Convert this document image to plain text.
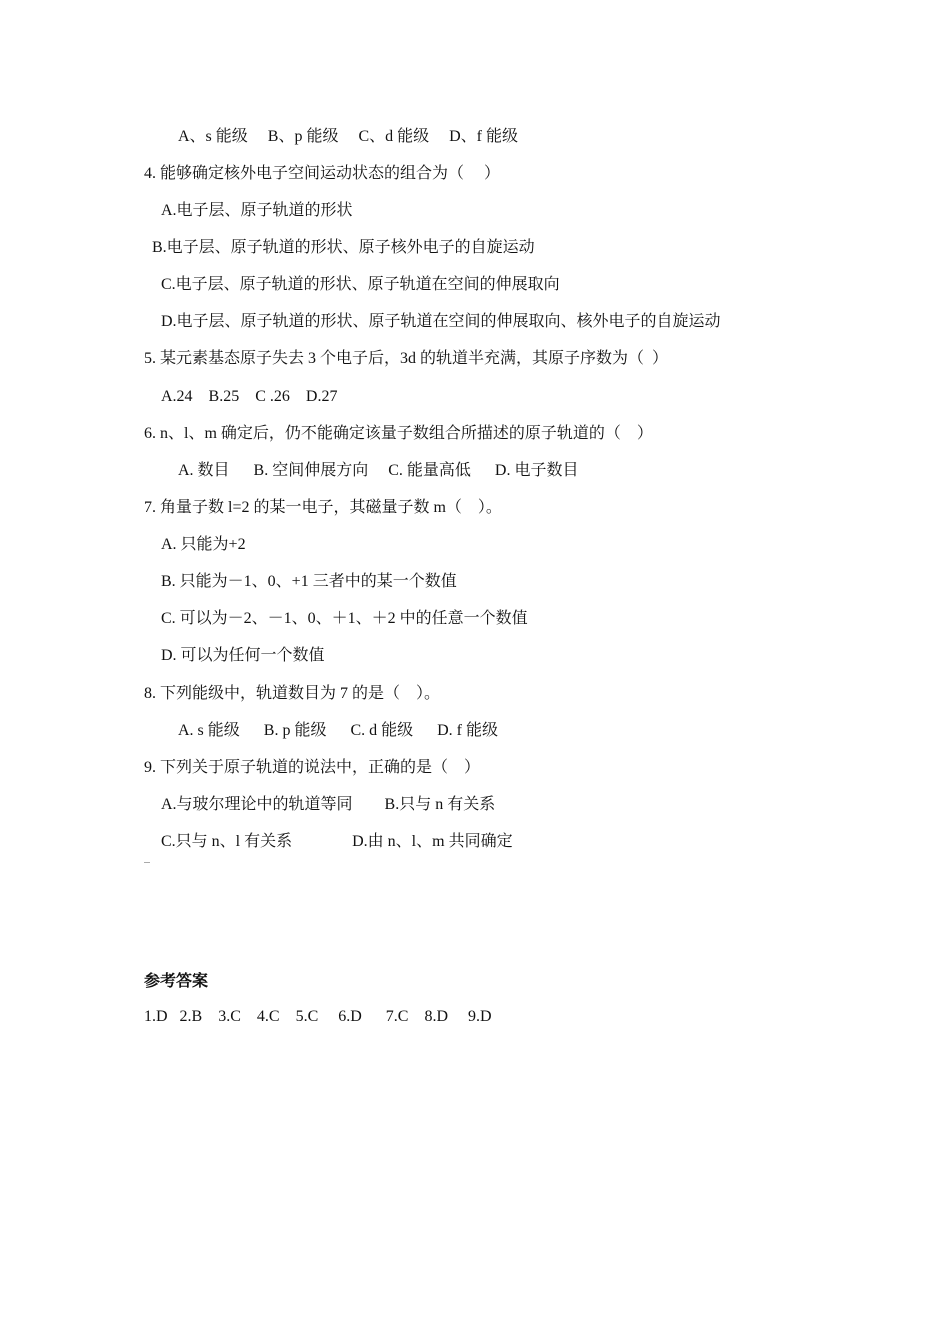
A、s 能级     B、p 能级     C、d 能级     D、f 能级
4. 能够确定核外电子空间运动状态的组合为（     ）
A.电子层、原子轨道的形状
B.电子层、原子轨道的形状、原子核外电子的自旋运动
C.电子层、原子轨道的形状、原子轨道在空间的伸展取向
D.电子层、原子轨道的形状、原子轨道在空间的伸展取向、核外电子的自旋运动
5. 某元素基态原子失去 3 个电子后，3d 的轨道半充满，其原子序数为（  ）
A.24    B.25    C .26    D.27
6. n、l、m 确定后，仍不能确定该量子数组合所描述的原子轨道的（    ）
A. 数目      B. 空间伸展方向     C. 能量高低      D. 电子数目
7. 角量子数 l=2 的某一电子，其磁量子数 m（    ）。
A. 只能为+2
B. 只能为－1、0、+1 三者中的某一个数值
C. 可以为－2、－1、0、＋1、＋2 中的任意一个数值
D. 可以为任何一个数值
8. 下列能级中，轨道数目为 7 的是（    ）。
A. s 能级      B. p 能级      C. d 能级      D. f 能级
9. 下列关于原子轨道的说法中，正确的是（    ）
A.与玻尔理论中的轨道等同        B.只与 n 有关系
C.只与 n、l 有关系               D.由 n、l、m 共同确定
参考答案
1.D   2.B    3.C    4.C    5.C     6.D      7.C    8.D     9.D
